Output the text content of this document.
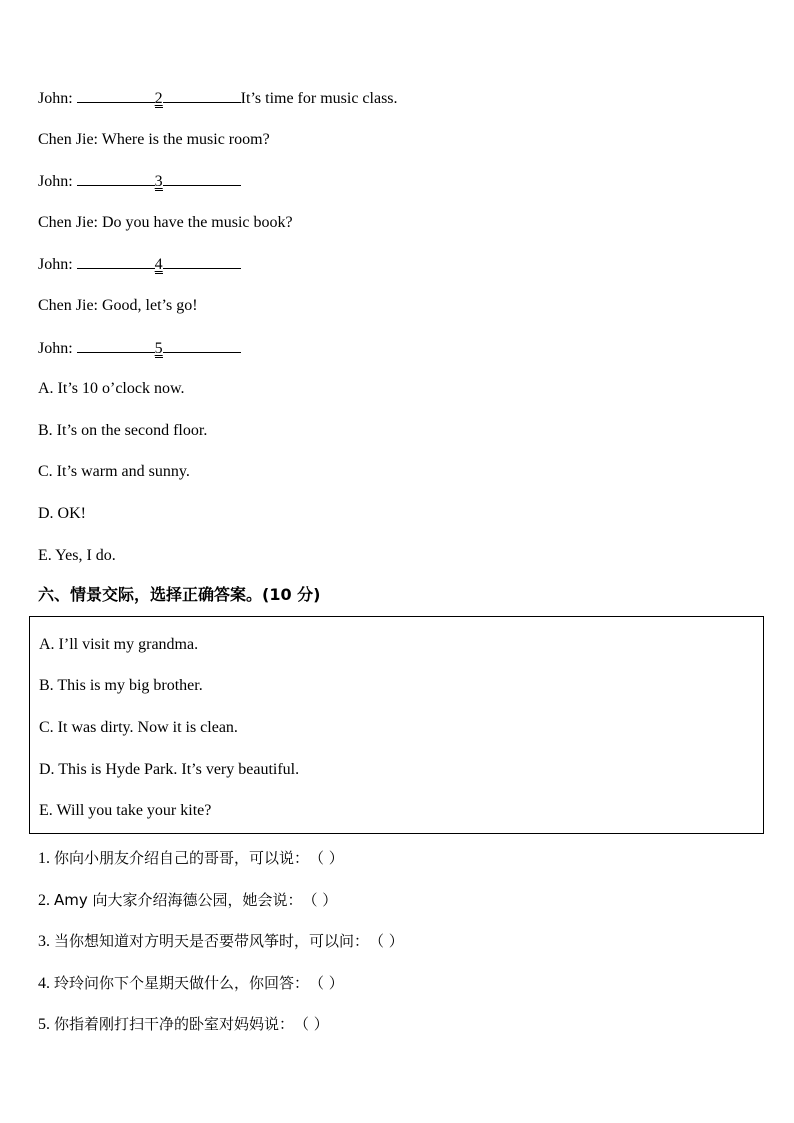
John:	2	It’s time for music class.
Chen Jie: Where is the music room?
John:	3
Chen Jie: Do you have the music book?
John:	4
Chen Jie: Good, let’s go!
John:	5
A. It’s 10 o’clock now.
B. It’s on the second floor.
C. It’s warm and sunny.
D. OK!
E. Yes, I do.
六、情景交际，选择正确答案。(10 分)
A. I’ll visit my grandma.
B. This is my big brother.
C. It was dirty. Now it is clean.
D. This is Hyde Park. It’s very beautiful.
E. Will you take your kite?
1. 你向小朋友介绍自己的哥哥，可以说：（ ）
2. Amy 向大家介绍海德公园，她会说：（ ）
3. 当你想知道对方明天是否要带风筝时，可以问：（ ）
4. 玲玲问你下个星期天做什么，你回答：（ ）
5. 你指着刚打扫干净的卧室对妈妈说：（ ）
